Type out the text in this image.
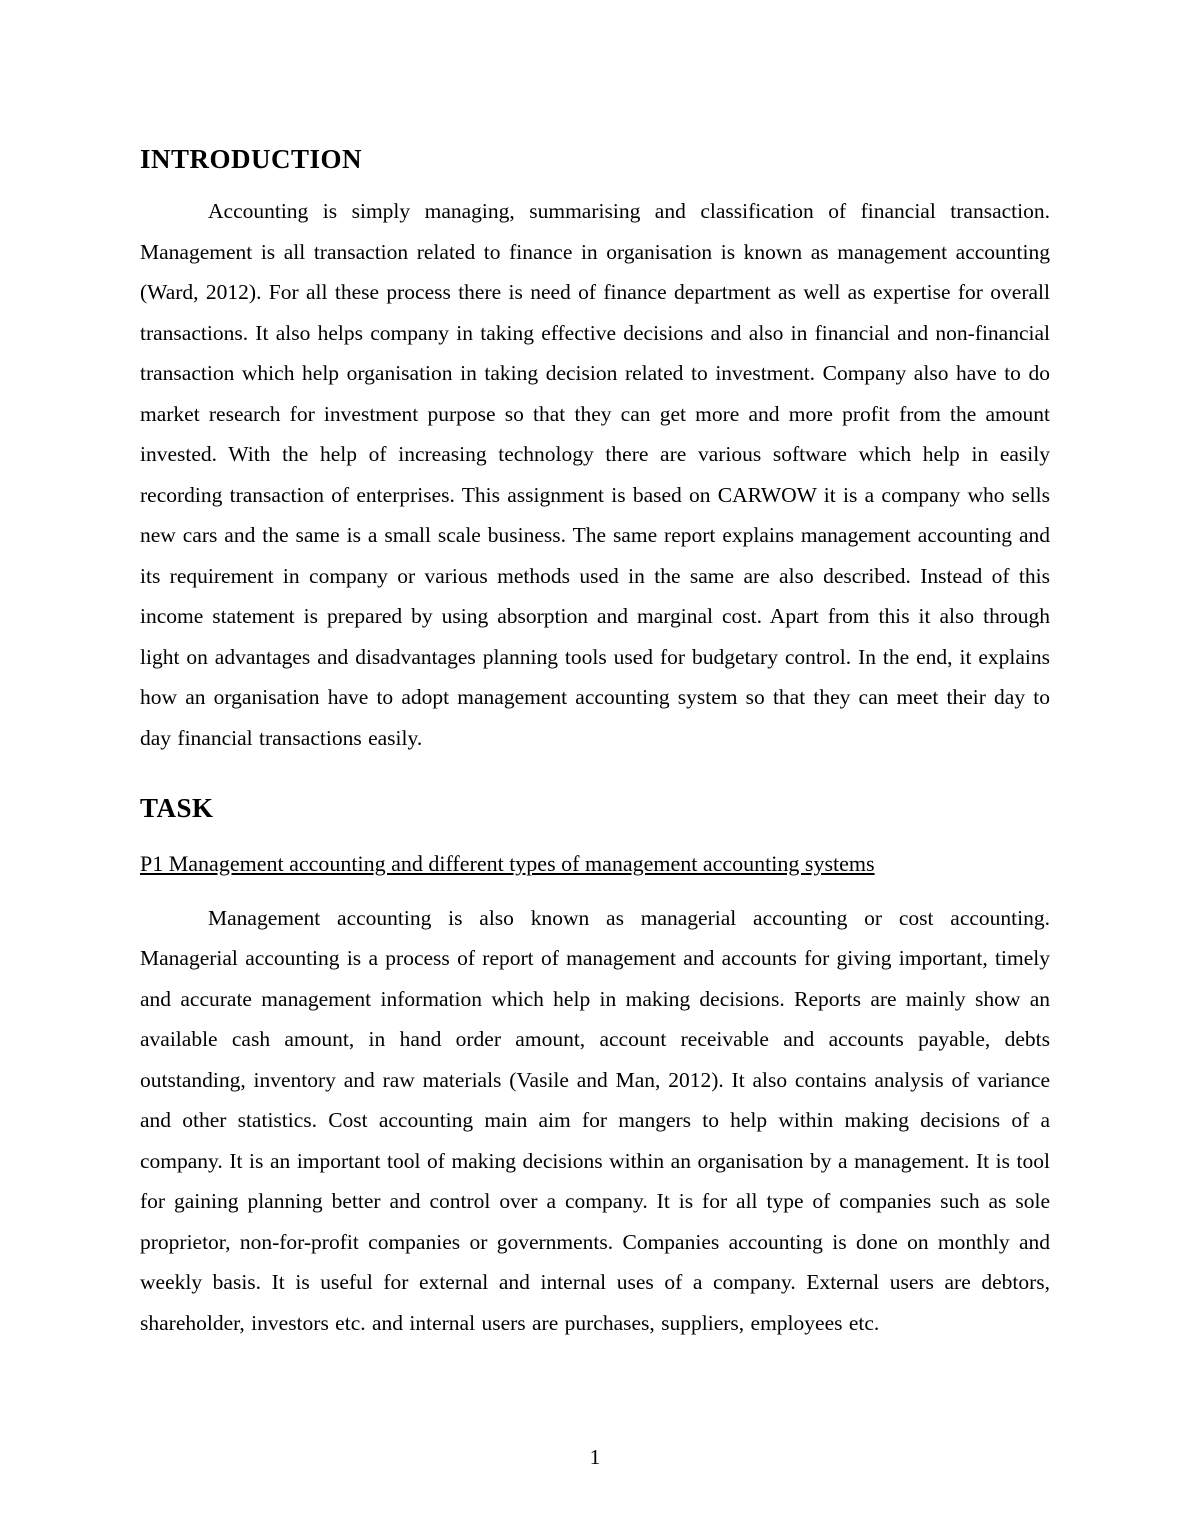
INTRODUCTION

Accounting is simply managing, summarising and classification of financial transaction. Management is all transaction related to finance in organisation is known as management accounting (Ward, 2012). For all these process there is need of finance department as well as expertise for overall transactions. It also helps company in taking effective decisions and also in financial and non-financial transaction which help organisation in taking decision related to investment. Company also have to do market research for investment purpose so that they can get more and more profit from the amount invested. With the help of increasing technology there are various software which help in easily recording transaction of enterprises. This assignment is based on CARWOW it is a company who sells new cars and the same is a small scale business. The same report explains management accounting and its requirement in company or various methods used in the same are also described. Instead of this income statement is prepared by using absorption and marginal cost. Apart from this it also through light on advantages and disadvantages planning tools used for budgetary control. In the end, it explains how an organisation have to adopt management accounting system so that they can meet their day to day financial transactions easily.

TASK
P1 Management accounting and different types of management accounting systems

Management accounting is also known as managerial accounting or cost accounting. Managerial accounting is a process of report of management and accounts for giving important, timely and accurate management information which help in making decisions. Reports are mainly show an available cash amount, in hand order amount, account receivable and accounts payable, debts outstanding, inventory and raw materials (Vasile and Man, 2012). It also contains analysis of variance and other statistics. Cost accounting main aim for mangers to help within making decisions of a company. It is an important tool of making decisions within an organisation by a management. It is tool for gaining planning better and control over a company. It is for all type of companies such as sole proprietor, non-for-profit companies or governments. Companies accounting is done on monthly and weekly basis. It is useful for external and internal uses of a company. External users are debtors, shareholder, investors etc. and internal users are purchases, suppliers, employees etc.

1
